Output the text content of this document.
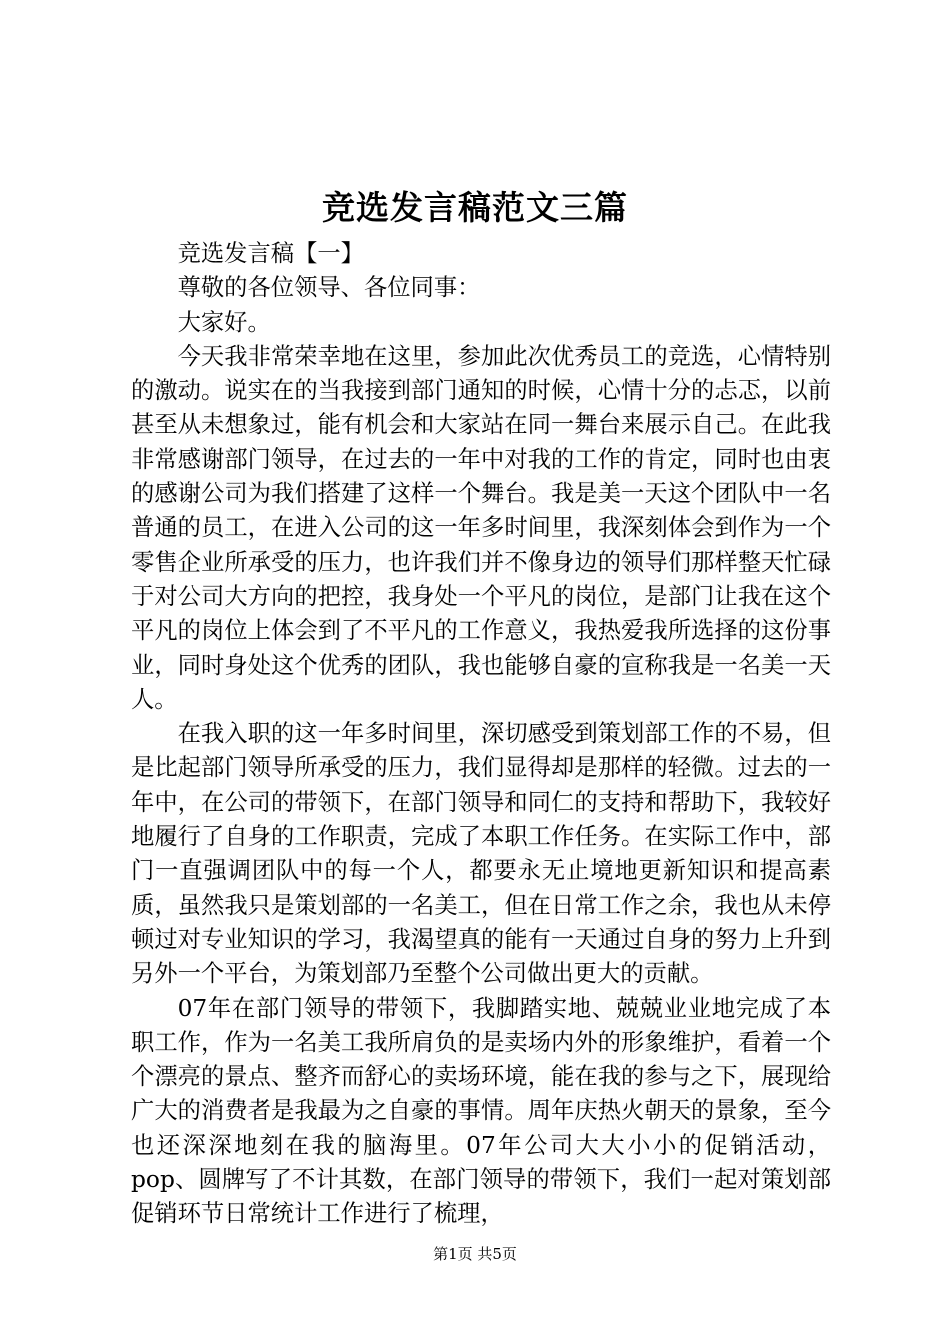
竞选发言稿范文三篇

竞选发言稿【一】

尊敬的各位领导、各位同事：

大家好。

今天我非常荣幸地在这里，参加此次优秀员工的竞选，心情特别的激动。说实在的当我接到部门通知的时候，心情十分的忐忑，以前甚至从未想象过，能有机会和大家站在同一舞台来展示自己。在此我非常感谢部门领导，在过去的一年中对我的工作的肯定，同时也由衷的感谢公司为我们搭建了这样一个舞台。我是美一天这个团队中一名普通的员工，在进入公司的这一年多时间里，我深刻体会到作为一个零售企业所承受的压力，也许我们并不像身边的领导们那样整天忙碌于对公司大方向的把控，我身处一个平凡的岗位，是部门让我在这个平凡的岗位上体会到了不平凡的工作意义，我热爱我所选择的这份事业，同时身处这个优秀的团队，我也能够自豪的宣称我是一名美一天人。

在我入职的这一年多时间里，深切感受到策划部工作的不易，但是比起部门领导所承受的压力，我们显得却是那样的轻微。过去的一年中，在公司的带领下，在部门领导和同仁的支持和帮助下，我较好地履行了自身的工作职责，完成了本职工作任务。在实际工作中，部门一直强调团队中的每一个人，都要永无止境地更新知识和提高素质，虽然我只是策划部的一名美工，但在日常工作之余，我也从未停顿过对专业知识的学习，我渴望真的能有一天通过自身的努力上升到另外一个平台，为策划部乃至整个公司做出更大的贡献。

07年在部门领导的带领下，我脚踏实地、兢兢业业地完成了本职工作，作为一名美工我所肩负的是卖场内外的形象维护，看着一个个漂亮的景点、整齐而舒心的卖场环境，能在我的参与之下，展现给广大的消费者是我最为之自豪的事情。周年庆热火朝天的景象，至今也还深深地刻在我的脑海里。07年公司大大小小的促销活动，pop、圆牌写了不计其数，在部门领导的带领下，我们一起对策划部促销环节日常统计工作进行了梳理，

第1页 共5页
